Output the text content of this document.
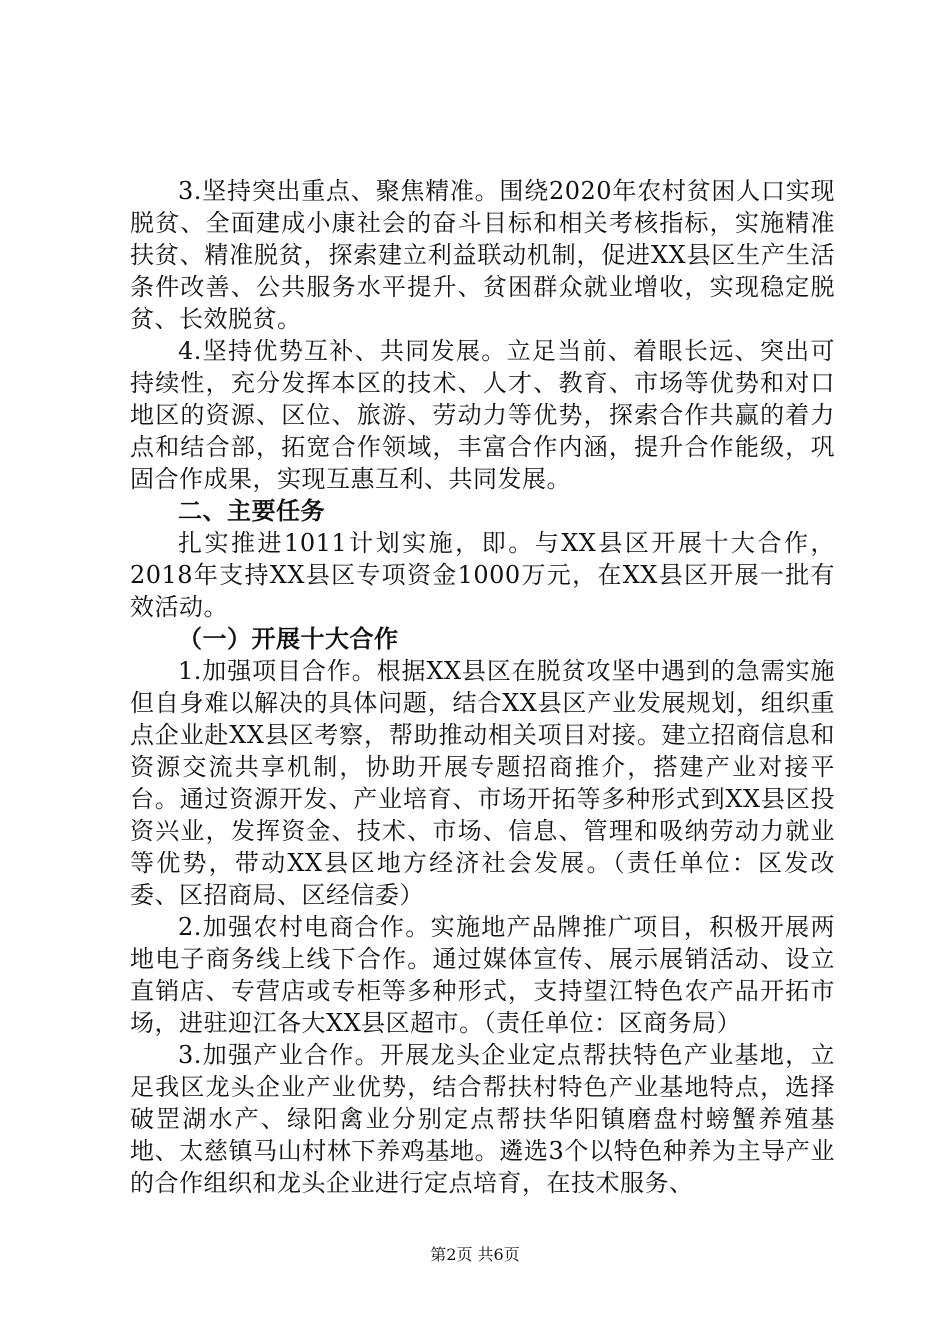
3.坚持突出重点、聚焦精准。围绕2020年农村贫困人口实现脱贫、全面建成小康社会的奋斗目标和相关考核指标，实施精准扶贫、精准脱贫，探索建立利益联动机制，促进XX县区生产生活条件改善、公共服务水平提升、贫困群众就业增收，实现稳定脱贫、长效脱贫。

4.坚持优势互补、共同发展。立足当前、着眼长远、突出可持续性，充分发挥本区的技术、人才、教育、市场等优势和对口地区的资源、区位、旅游、劳动力等优势，探索合作共赢的着力点和结合部，拓宽合作领域，丰富合作内涵，提升合作能级，巩固合作成果，实现互惠互利、共同发展。

二、主要任务

扎实推进1011计划实施，即。与XX县区开展十大合作，2018年支持XX县区专项资金1000万元，在XX县区开展一批有效活动。

（一）开展十大合作

1.加强项目合作。根据XX县区在脱贫攻坚中遇到的急需实施但自身难以解决的具体问题，结合XX县区产业发展规划，组织重点企业赴XX县区考察，帮助推动相关项目对接。建立招商信息和资源交流共享机制，协助开展专题招商推介，搭建产业对接平台。通过资源开发、产业培育、市场开拓等多种形式到XX县区投资兴业，发挥资金、技术、市场、信息、管理和吸纳劳动力就业等优势，带动XX县区地方经济社会发展。（责任单位：区发改委、区招商局、区经信委）

2.加强农村电商合作。实施地产品牌推广项目，积极开展两地电子商务线上线下合作。通过媒体宣传、展示展销活动、设立直销店、专营店或专柜等多种形式，支持望江特色农产品开拓市场，进驻迎江各大XX县区超市。（责任单位：区商务局）

3.加强产业合作。开展龙头企业定点帮扶特色产业基地，立足我区龙头企业产业优势，结合帮扶村特色产业基地特点，选择破罡湖水产、绿阳禽业分别定点帮扶华阳镇磨盘村螃蟹养殖基地、太慈镇马山村林下养鸡基地。遴选3个以特色种养为主导产业的合作组织和龙头企业进行定点培育，在技术服务、

第2页 共6页
